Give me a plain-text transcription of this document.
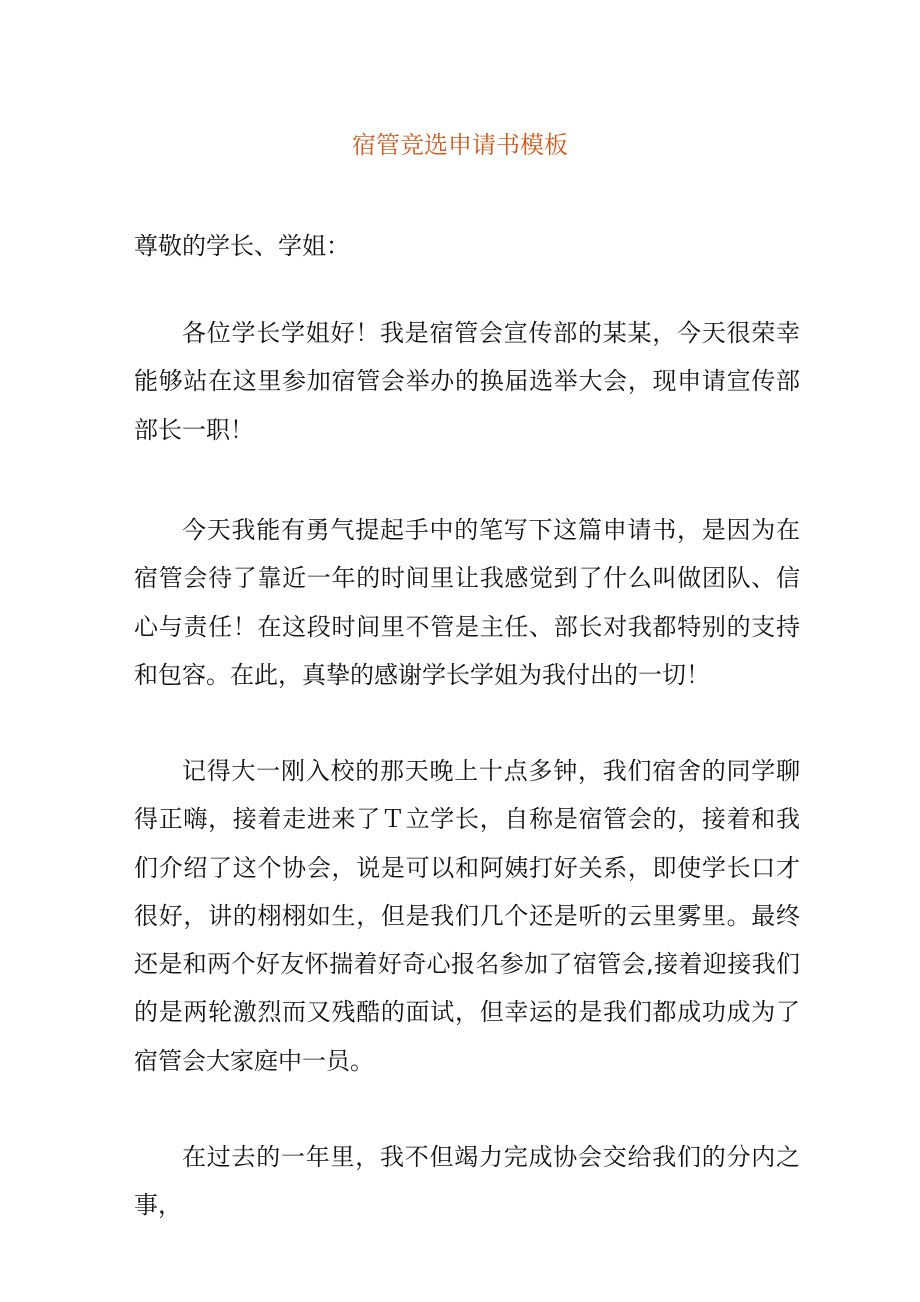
宿管竞选申请书模板
尊敬的学长、学姐：

各位学长学姐好！我是宿管会宣传部的某某，今天很荣幸能够站在这里参加宿管会举办的换届选举大会，现申请宣传部部长一职！

今天我能有勇气提起手中的笔写下这篇申请书，是因为在宿管会待了靠近一年的时间里让我感觉到了什么叫做团队、信心与责任！在这段时间里不管是主任、部长对我都特别的支持和包容。在此，真挚的感谢学长学姐为我付出的一切！

记得大一刚入校的那天晚上十点多钟，我们宿舍的同学聊得正嗨，接着走进来了Ｔ立学长，自称是宿管会的，接着和我们介绍了这个协会，说是可以和阿姨打好关系，即使学长口才很好，讲的栩栩如生，但是我们几个还是听的云里雾里。最终还是和两个好友怀揣着好奇心报名参加了宿管会,接着迎接我们的是两轮激烈而又残酷的面试，但幸运的是我们都成功成为了宿管会大家庭中一员。

在过去的一年里，我不但竭力完成协会交给我们的分内之事，
